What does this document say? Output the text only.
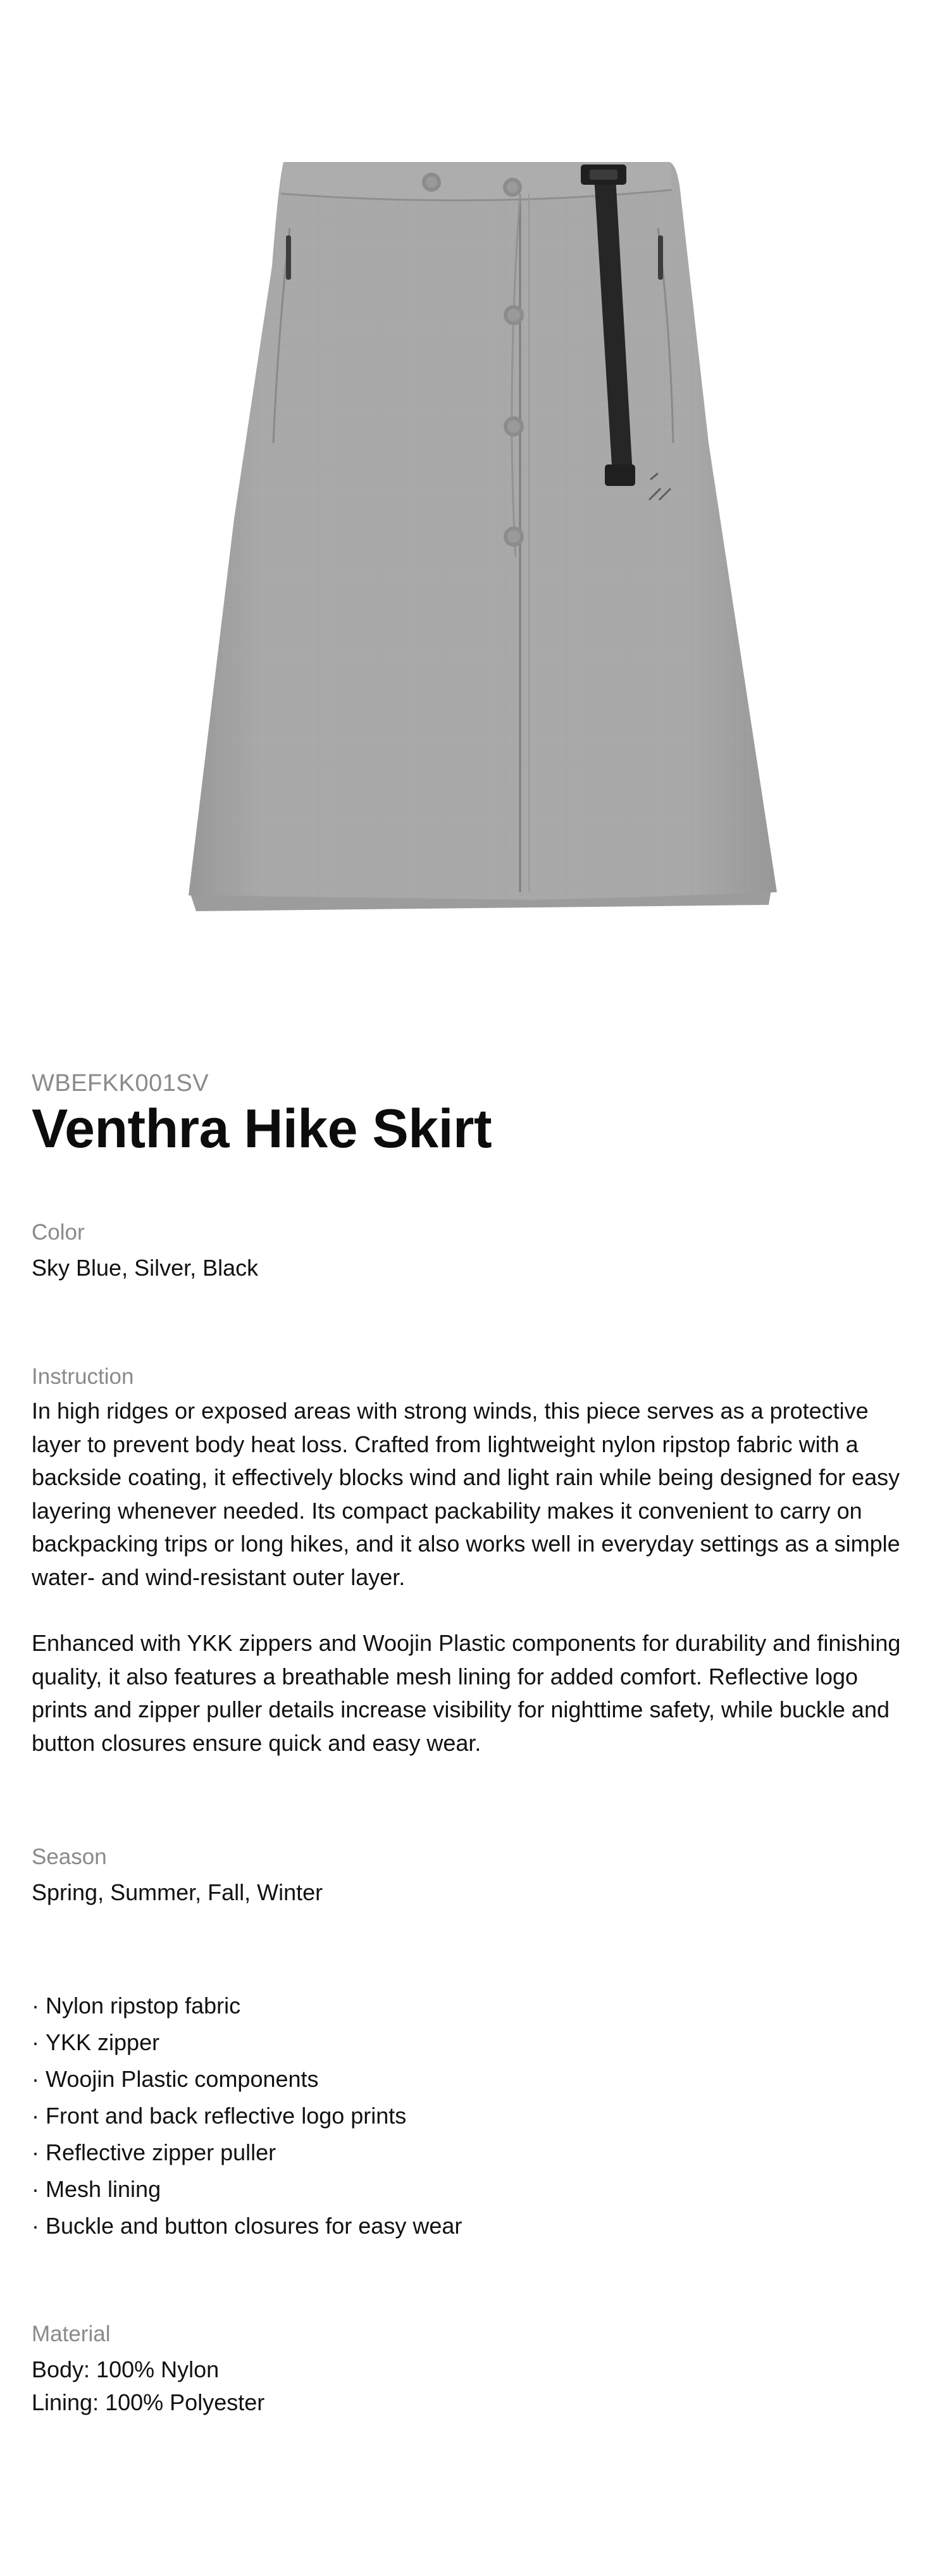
WBEFKK001SV

Venthra Hike Skirt

Color

Sky Blue, Silver, Black

Instruction

In high ridges or exposed areas with strong winds, this piece serves as a protective layer to prevent body heat loss. Crafted from lightweight nylon ripstop fabric with a backside coating, it effectively blocks wind and light rain while being designed for easy layering whenever needed. Its compact packability makes it convenient to carry on backpacking trips or long hikes, and it also works well in everyday settings as a simple water- and wind-resistant outer layer.

Enhanced with YKK zippers and Woojin Plastic components for durability and finishing quality, it also features a breathable mesh lining for added comfort. Reflective logo prints and zipper puller details increase visibility for nighttime safety, while buckle and button closures ensure quick and easy wear.

Season

Spring, Summer, Fall, Winter

· Nylon ripstop fabric
· YKK zipper
· Woojin Plastic components
· Front and back reflective logo prints
· Reflective zipper puller
· Mesh lining
· Buckle and button closures for easy wear

Material

Body: 100% Nylon

Lining: 100% Polyester
